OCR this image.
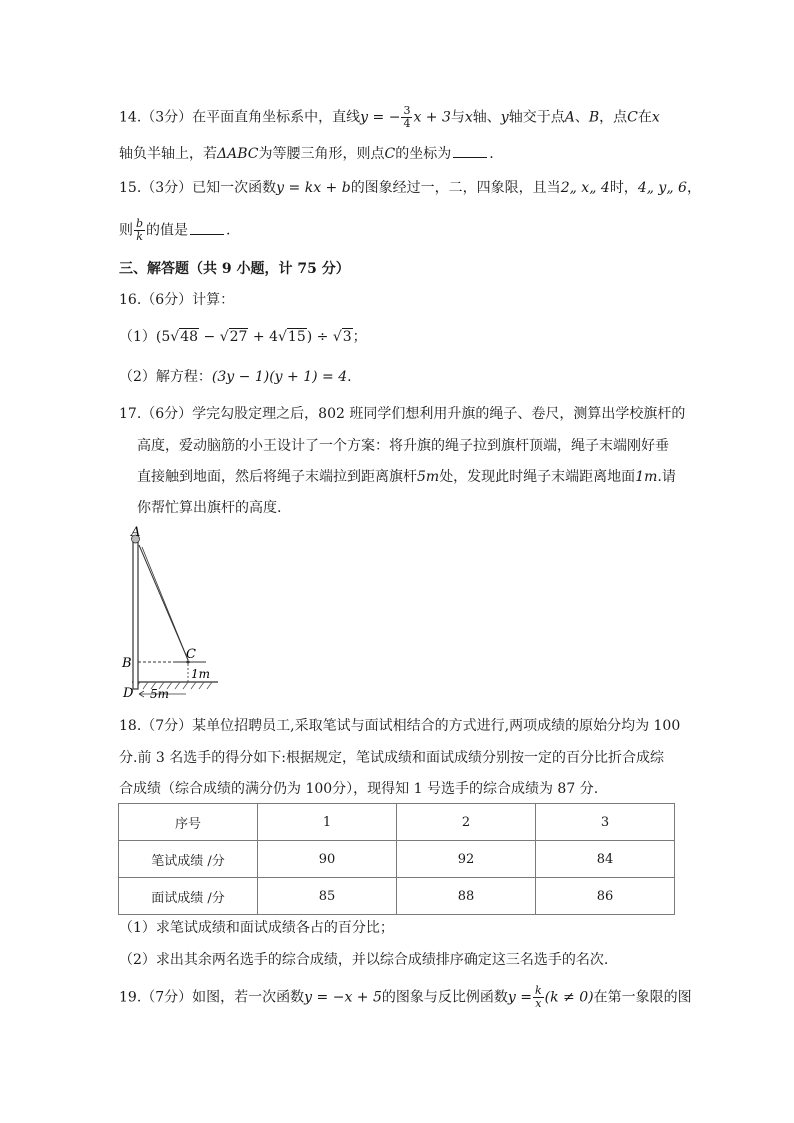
14.（3分）在平面直角坐标系中，直线y = − $\frac{3}{4}$ x + 3与x轴、y轴交于点A、B，点C在x
轴负半轴上，若ΔABC为等腰三角形，则点C的坐标为	.
15.（3分）已知一次函数y = kx + b的图象经过一，二，四象限，且当2„ x„ 4时，4„ y„ 6，
则 $\frac{b}{k}$ 的值是	.
三、解答题（共 9 小题，计 75 分）
16.（6分）计算：
（1）(5√48 − √27 + 4√15) ÷ √3；
（2）解方程：(3y − 1)(y + 1) = 4.
17.（6分）学完勾股定理之后，802 班同学们想利用升旗的绳子、卷尺，测算出学校旗杆的
高度，爱动脑筋的小王设计了一个方案：将升旗的绳子拉到旗杆顶端，绳子末端刚好垂
直接触到地面，然后将绳子末端拉到距离旗杆5m处，发现此时绳子末端距离地面1m.请
你帮忙算出旗杆的高度.
A
B
C
D
1m
5m
18.（7分）某单位招聘员工,采取笔试与面试相结合的方式进行,两项成绩的原始分均为 100
分.前 3 名选手的得分如下:根据规定，笔试成绩和面试成绩分别按一定的百分比折合成综
合成绩（综合成绩的满分仍为 100分），现得知 1 号选手的综合成绩为 87 分.
序号	1	2	3
笔试成绩 /分	90	92	84
面试成绩 /分	85	88	86
（1）求笔试成绩和面试成绩各占的百分比；
（2）求出其余两名选手的综合成绩，并以综合成绩排序确定这三名选手的名次.
19.（7分）如图，若一次函数y = −x + 5的图象与反比例函数$y = \frac{k}{x} (k \ne 0)$在第一象限的图
